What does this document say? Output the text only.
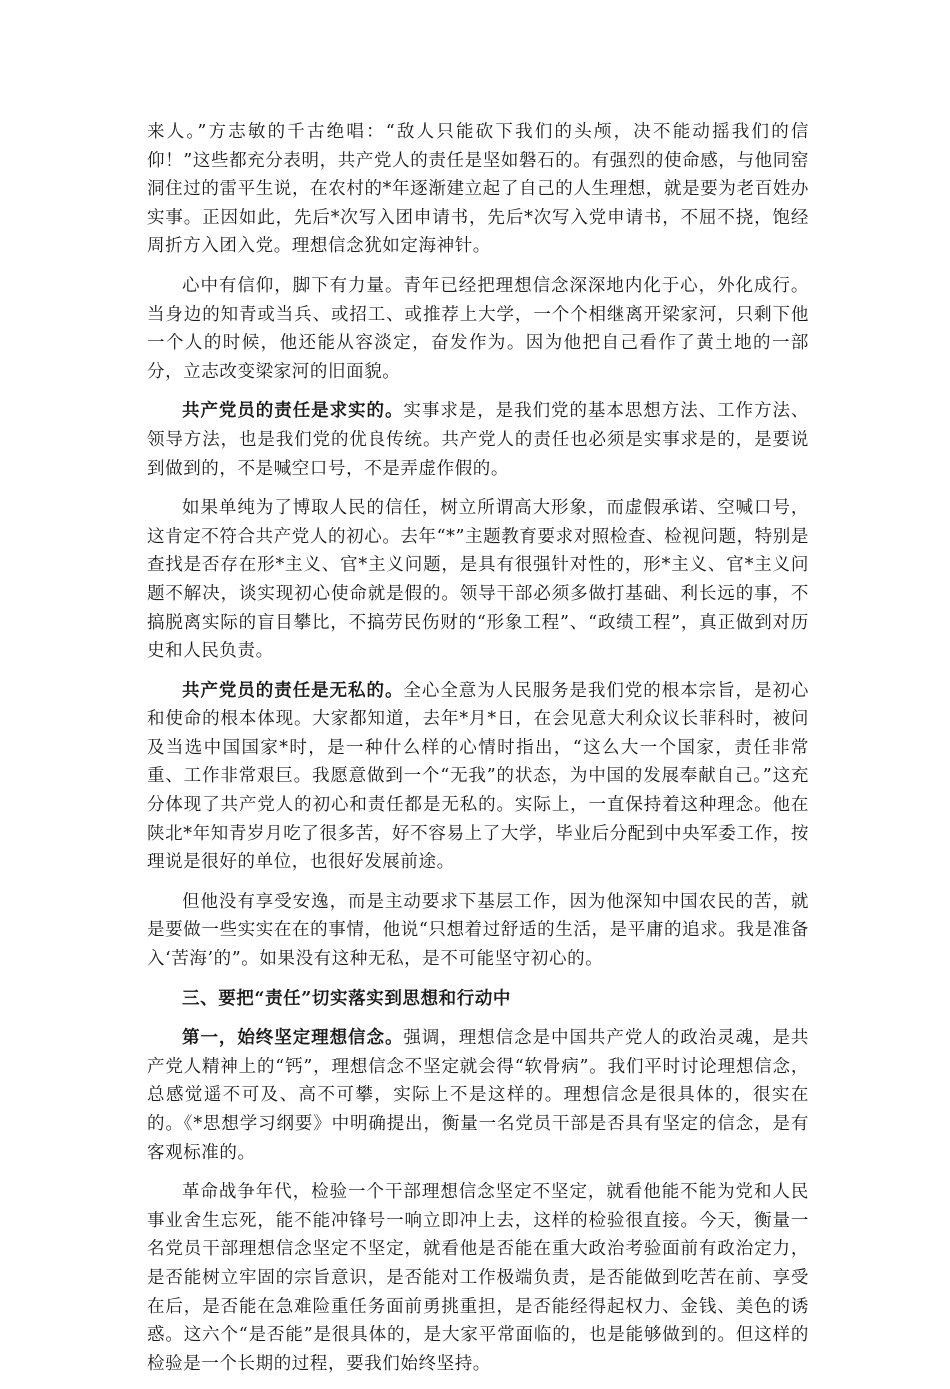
来人。”方志敏的千古绝唱：“敌人只能砍下我们的头颅，决不能动摇我们的信仰！”这些都充分表明，共产党人的责任是坚如磐石的。有强烈的使命感，与他同窑洞住过的雷平生说，在农村的*年逐渐建立起了自己的人生理想，就是要为老百姓办实事。正因如此，先后*次写入团申请书，先后*次写入党申请书，不屈不挠，饱经周折方入团入党。理想信念犹如定海神针。

心中有信仰，脚下有力量。青年已经把理想信念深深地内化于心，外化成行。当身边的知青或当兵、或招工、或推荐上大学，一个个相继离开梁家河，只剩下他一个人的时候，他还能从容淡定，奋发作为。因为他把自己看作了黄土地的一部分，立志改变梁家河的旧面貌。

共产党员的责任是求实的。实事求是，是我们党的基本思想方法、工作方法、领导方法，也是我们党的优良传统。共产党人的责任也必须是实事求是的，是要说到做到的，不是喊空口号，不是弄虚作假的。

如果单纯为了博取人民的信任，树立所谓高大形象，而虚假承诺、空喊口号，这肯定不符合共产党人的初心。去年“*”主题教育要求对照检查、检视问题，特别是查找是否存在形*主义、官*主义问题，是具有很强针对性的，形*主义、官*主义问题不解决，谈实现初心使命就是假的。领导干部必须多做打基础、利长远的事，不搞脱离实际的盲目攀比，不搞劳民伤财的“形象工程”、“政绩工程”，真正做到对历史和人民负责。

共产党员的责任是无私的。全心全意为人民服务是我们党的根本宗旨，是初心和使命的根本体现。大家都知道，去年*月*日，在会见意大利众议长菲科时，被问及当选中国国家*时，是一种什么样的心情时指出，“这么大一个国家，责任非常重、工作非常艰巨。我愿意做到一个“无我”的状态，为中国的发展奉献自己。”这充分体现了共产党人的初心和责任都是无私的。实际上，一直保持着这种理念。他在陕北*年知青岁月吃了很多苦，好不容易上了大学，毕业后分配到中央军委工作，按理说是很好的单位，也很好发展前途。

但他没有享受安逸，而是主动要求下基层工作，因为他深知中国农民的苦，就是要做一些实实在在的事情，他说“只想着过舒适的生活，是平庸的追求。我是准备入‘苦海’的”。如果没有这种无私，是不可能坚守初心的。

三、要把“责任”切实落实到思想和行动中

第一，始终坚定理想信念。强调，理想信念是中国共产党人的政治灵魂，是共产党人精神上的“钙”，理想信念不坚定就会得“软骨病”。我们平时讨论理想信念，总感觉遥不可及、高不可攀，实际上不是这样的。理想信念是很具体的，很实在的。《*思想学习纲要》中明确提出，衡量一名党员干部是否具有坚定的信念，是有客观标准的。

革命战争年代，检验一个干部理想信念坚定不坚定，就看他能不能为党和人民事业舍生忘死，能不能冲锋号一响立即冲上去，这样的检验很直接。今天，衡量一名党员干部理想信念坚定不坚定，就看他是否能在重大政治考验面前有政治定力，是否能树立牢固的宗旨意识，是否能对工作极端负责，是否能做到吃苦在前、享受在后，是否能在急难险重任务面前勇挑重担，是否能经得起权力、金钱、美色的诱惑。这六个“是否能”是很具体的，是大家平常面临的，也是能够做到的。但这样的检验是一个长期的过程，要我们始终坚持。
